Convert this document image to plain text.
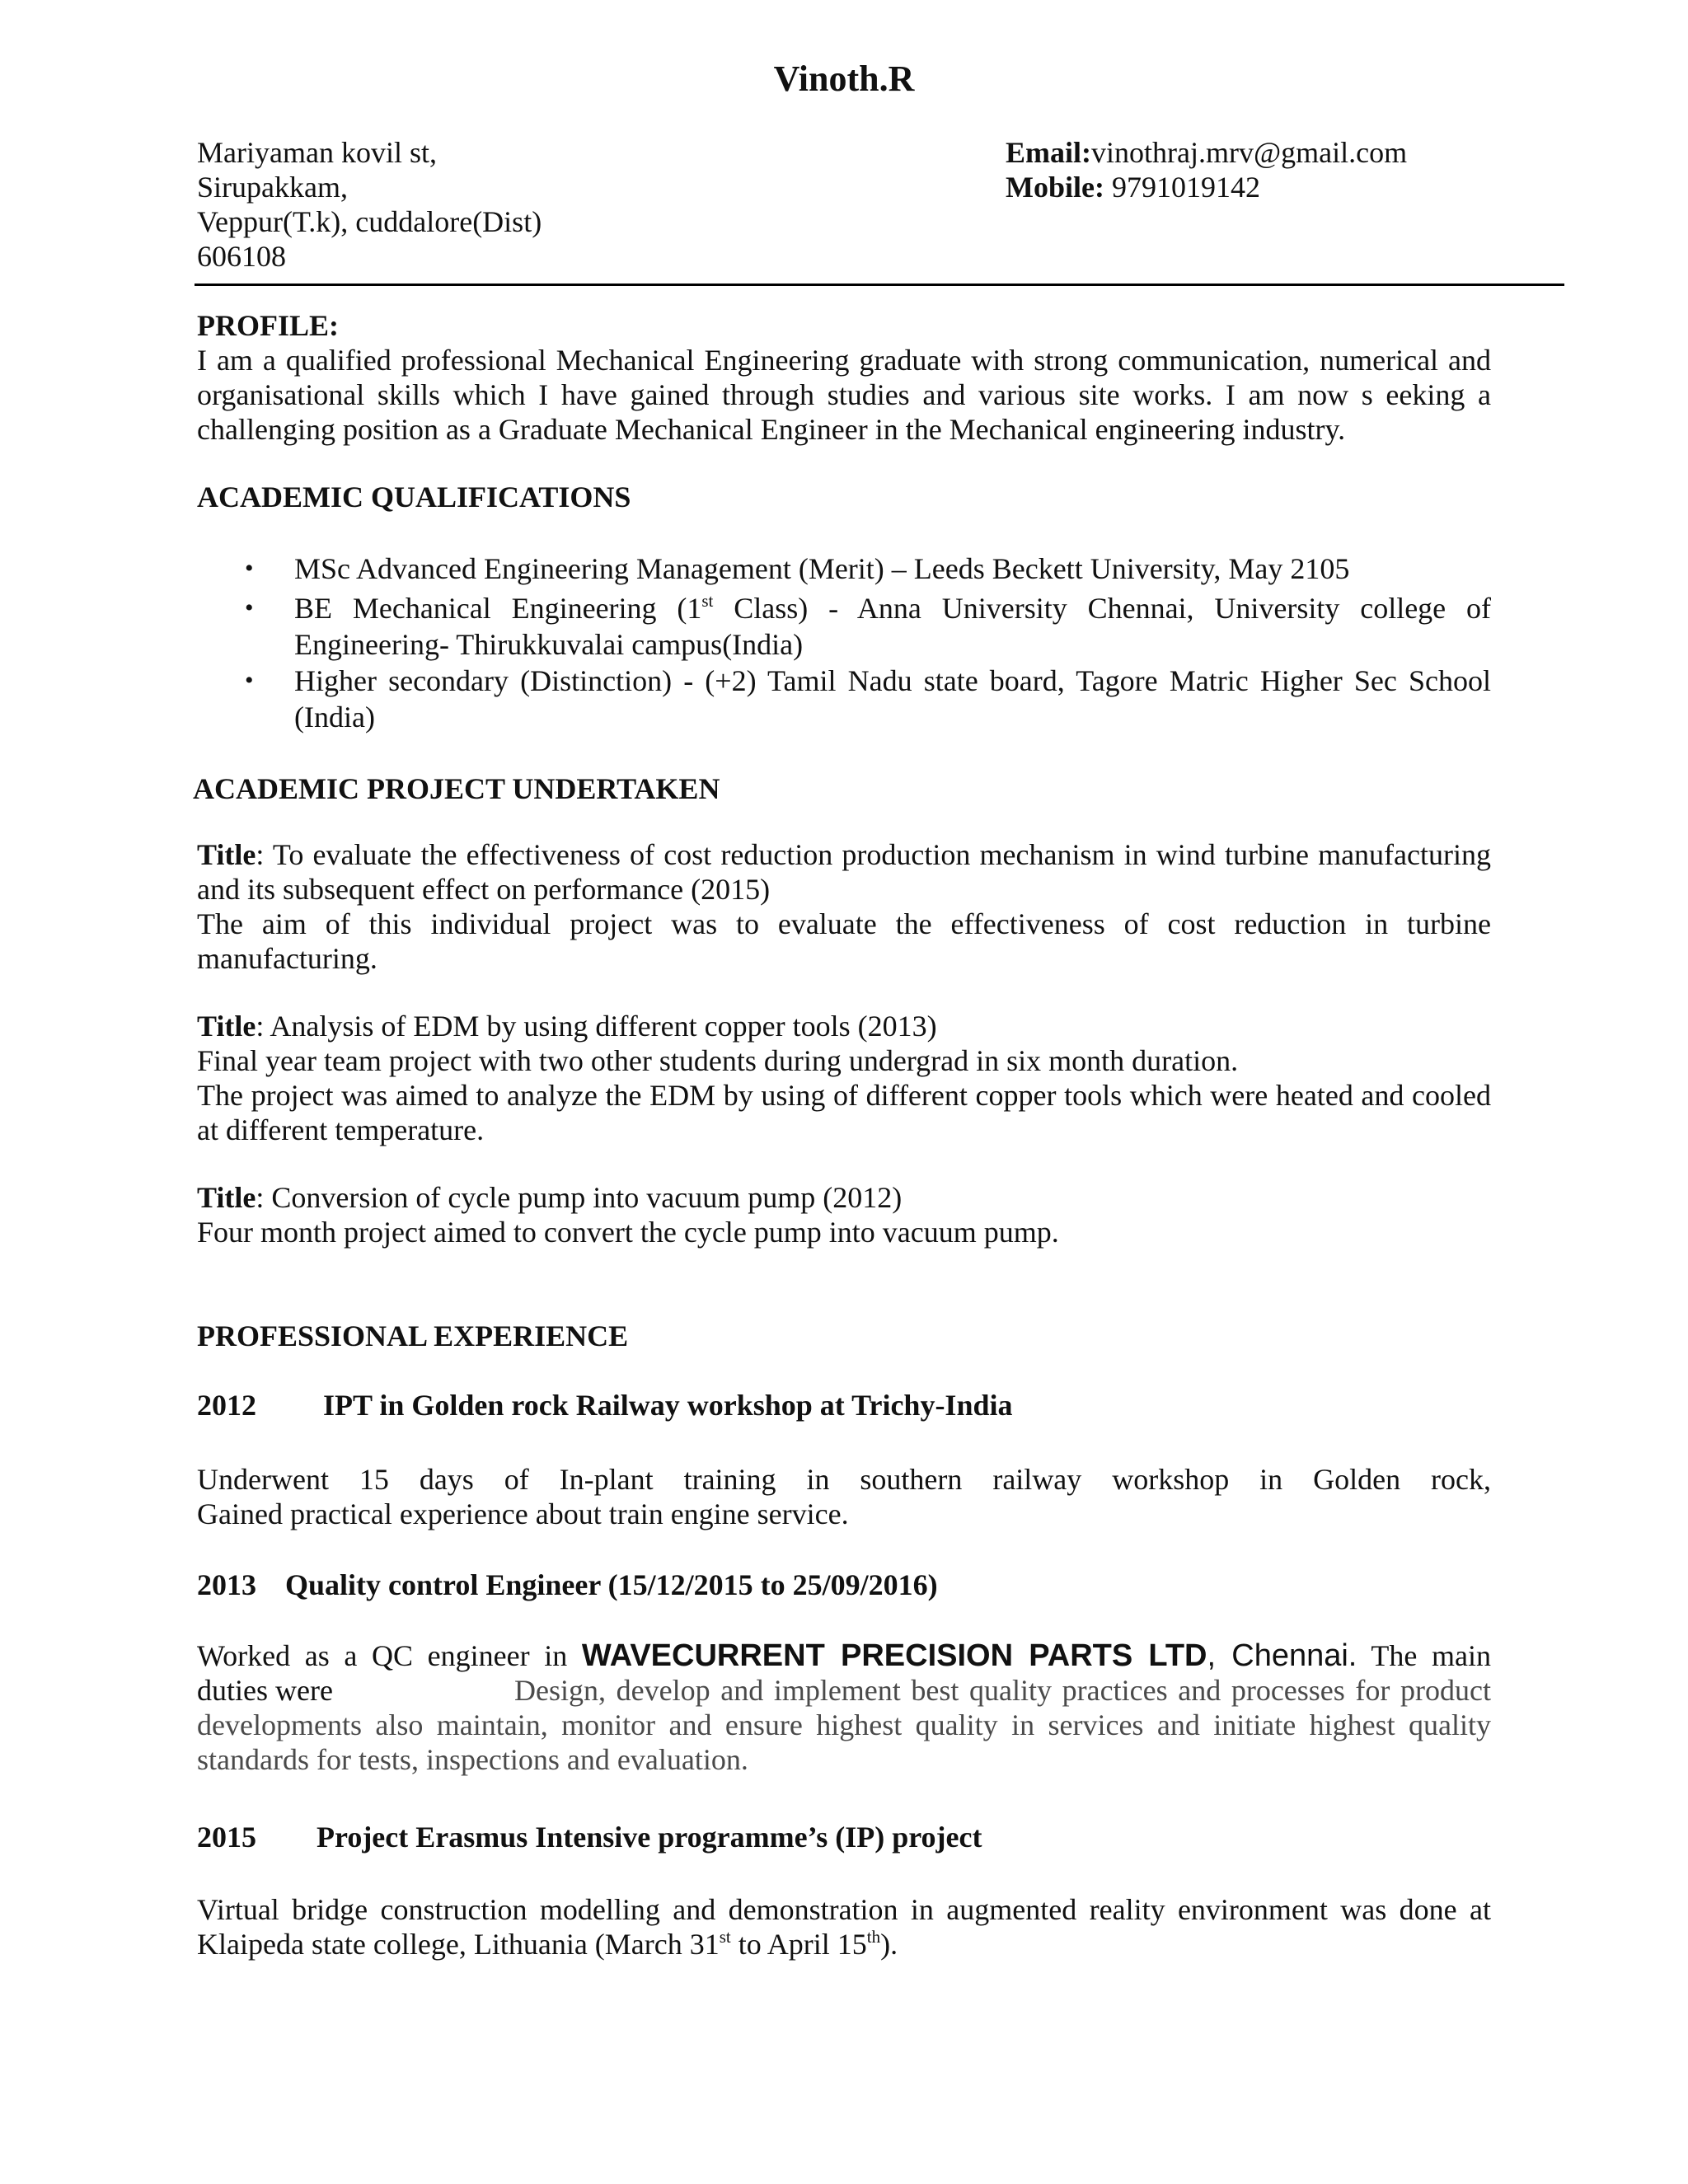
Vinoth.R
Mariyaman kovil st,
Sirupakkam,
Veppur(T.k), cuddalore(Dist)
606108
Email:vinothraj.mrv@gmail.com
Mobile: 9791019142
PROFILE:
I am a qualified professional Mechanical Engineering graduate with strong communication, numerical and
organisational skills which I have gained through studies and various site works. I am now s eeking a
challenging position as a Graduate Mechanical Engineer in the Mechanical engineering industry.
ACADEMIC QUALIFICATIONS
• MSc Advanced Engineering Management (Merit) – Leeds Beckett University, May 2105
• BE Mechanical Engineering (1st Class) - Anna University Chennai, University college of
Engineering- Thirukkuvalai campus(India)
• Higher secondary (Distinction) - (+2) Tamil Nadu state board, Tagore Matric Higher Sec School
(India)
ACADEMIC PROJECT UNDERTAKEN
Title: To evaluate the effectiveness of cost reduction production mechanism in wind turbine manufacturing
and its subsequent effect on performance (2015)
The aim of this individual project was to evaluate the effectiveness of cost reduction in turbine
manufacturing.
Title: Analysis of EDM by using different copper tools (2013)
Final year team project with two other students during undergrad in six month duration.
The project was aimed to analyze the EDM by using of different copper tools which were heated and cooled
at different temperature.
Title: Conversion of cycle pump into vacuum pump (2012)
Four month project aimed to convert the cycle pump into vacuum pump.
PROFESSIONAL EXPERIENCE
2012 IPT in Golden rock Railway workshop at Trichy-India
Underwent 15 days of In-plant training in southern railway workshop in Golden rock,
Gained practical experience about train engine service.
2013 Quality control Engineer (15/12/2015 to 25/09/2016)
Worked as a QC engineer in WAVECURRENT PRECISION PARTS LTD, Chennai. The main
duties were	Design, develop and implement best quality practices and processes for product
developments also maintain, monitor and ensure highest quality in services and initiate highest quality
standards for tests, inspections and evaluation.
2015 Project Erasmus Intensive programme’s (IP) project
Virtual bridge construction modelling and demonstration in augmented reality environment was done at
Klaipeda state college, Lithuania (March 31st to April 15th).
